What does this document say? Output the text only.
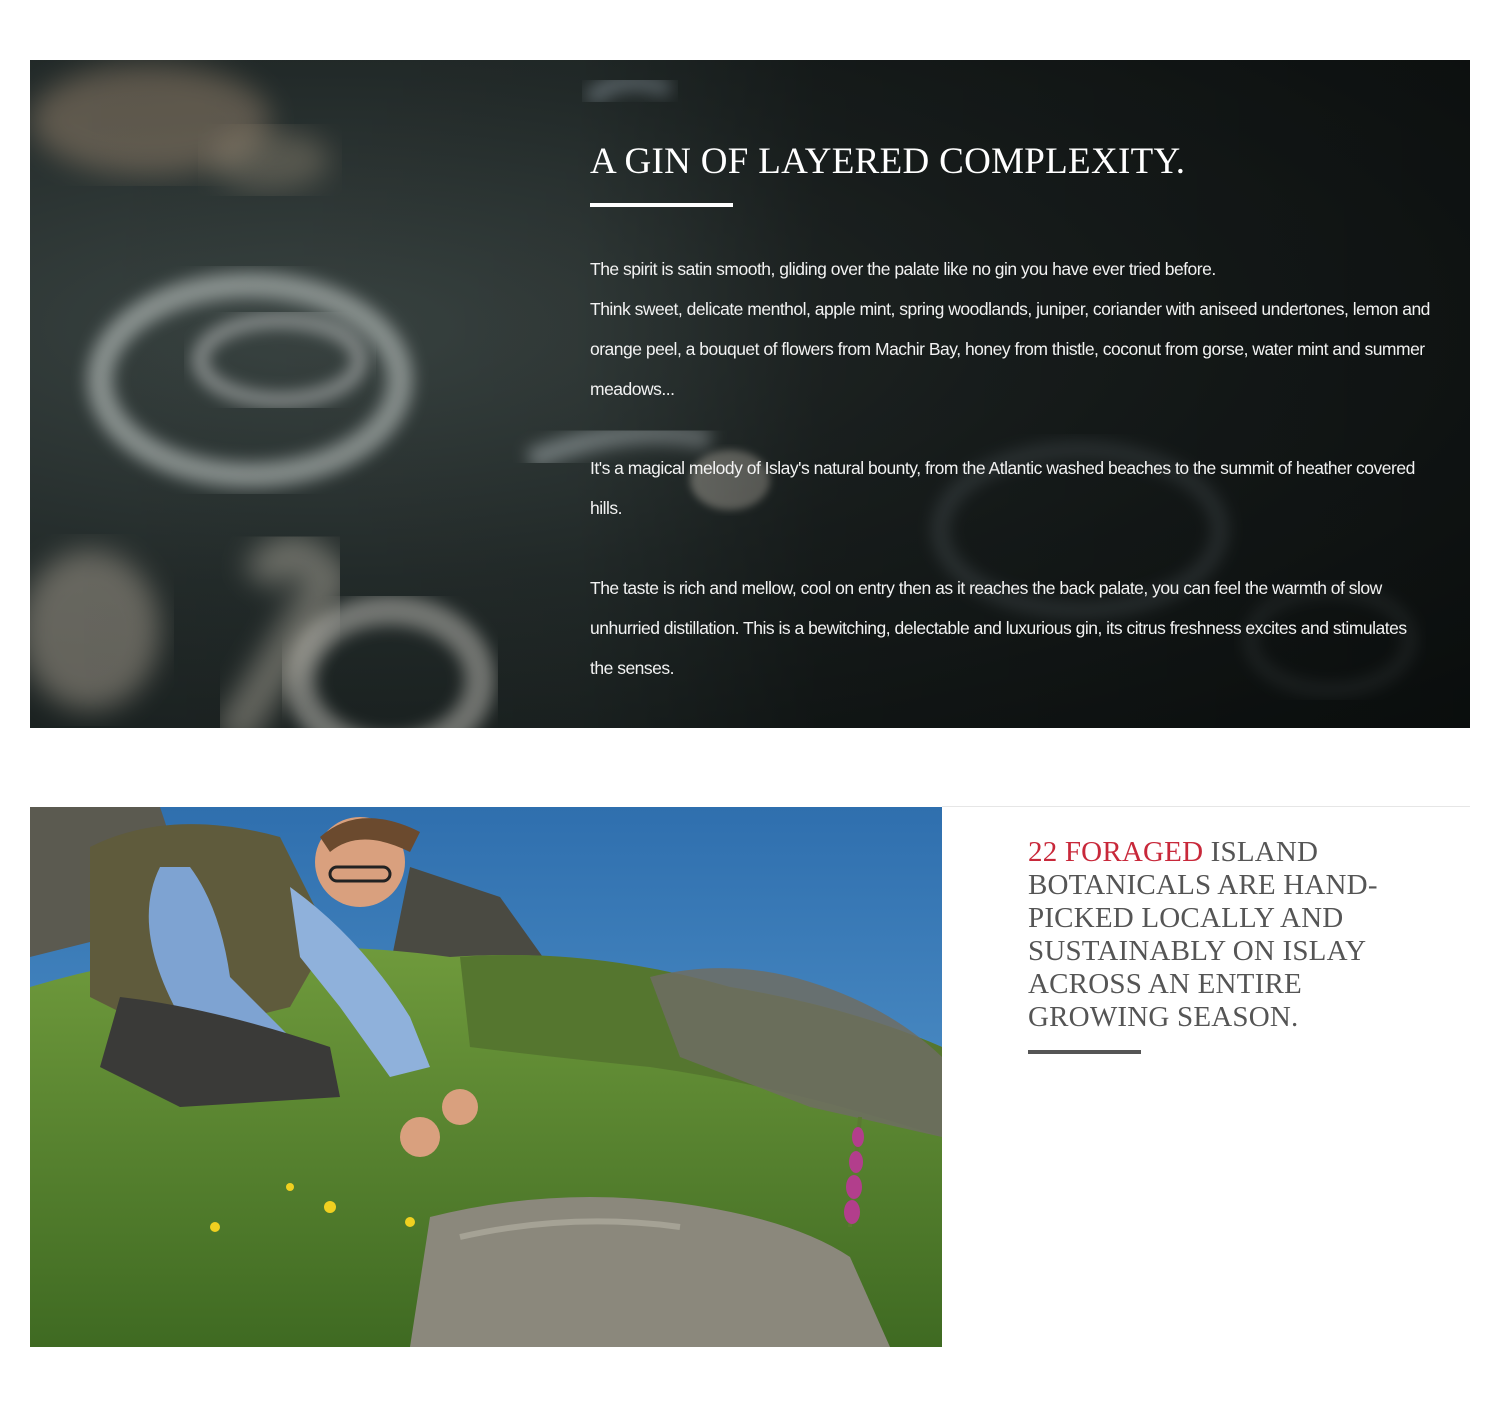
A GIN OF LAYERED COMPLEXITY.

The spirit is satin smooth, gliding over the palate like no gin you have ever tried before.

Think sweet, delicate menthol, apple mint, spring woodlands, juniper, coriander with aniseed undertones, lemon and orange peel, a bouquet of flowers from Machir Bay, honey from thistle, coconut from gorse, water mint and summer meadows...

It's a magical melody of Islay's natural bounty, from the Atlantic washed beaches to the summit of heather covered hills.

The taste is rich and mellow, cool on entry then as it reaches the back palate, you can feel the warmth of slow unhurried distillation. This is a bewitching, delectable and luxurious gin, its citrus freshness excites and stimulates the senses.

22 FORAGED ISLAND BOTANICALS ARE HAND-PICKED LOCALLY AND SUSTAINABLY ON ISLAY ACROSS AN ENTIRE GROWING SEASON.
